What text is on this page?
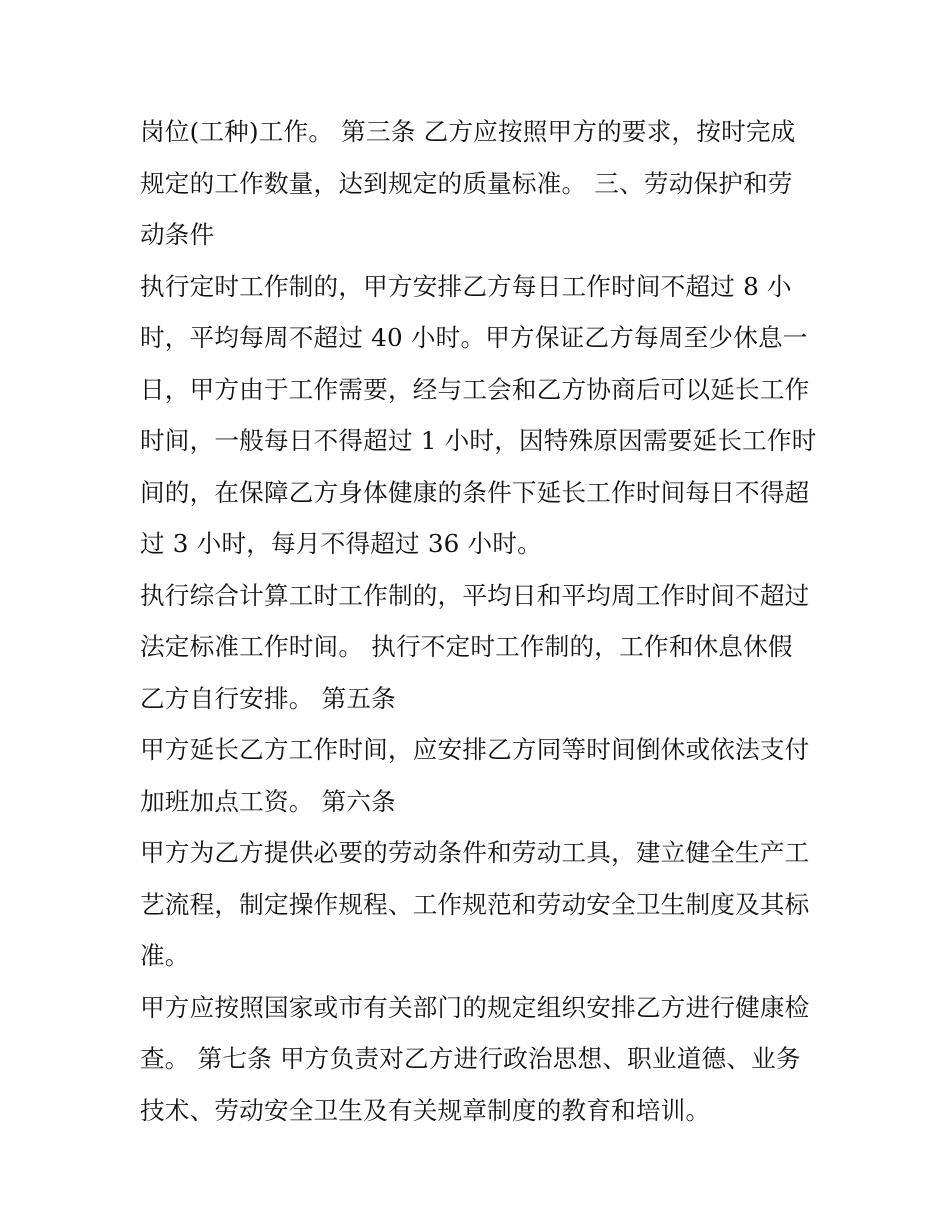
岗位(工种)工作。 第三条 乙方应按照甲方的要求，按时完成
规定的工作数量，达到规定的质量标准。 三、劳动保护和劳
动条件

执行定时工作制的，甲方安排乙方每日工作时间不超过 8 小
时，平均每周不超过 40 小时。甲方保证乙方每周至少休息一
日，甲方由于工作需要，经与工会和乙方协商后可以延长工作
时间，一般每日不得超过 1 小时，因特殊原因需要延长工作时
间的，在保障乙方身体健康的条件下延长工作时间每日不得超
过 3 小时，每月不得超过 36 小时。

执行综合计算工时工作制的，平均日和平均周工作时间不超过
法定标准工作时间。 执行不定时工作制的，工作和休息休假
乙方自行安排。 第五条

甲方延长乙方工作时间，应安排乙方同等时间倒休或依法支付
加班加点工资。 第六条

甲方为乙方提供必要的劳动条件和劳动工具，建立健全生产工
艺流程，制定操作规程、工作规范和劳动安全卫生制度及其标
准。

甲方应按照国家或市有关部门的规定组织安排乙方进行健康检
查。 第七条 甲方负责对乙方进行政治思想、职业道德、业务
技术、劳动安全卫生及有关规章制度的教育和培训。
